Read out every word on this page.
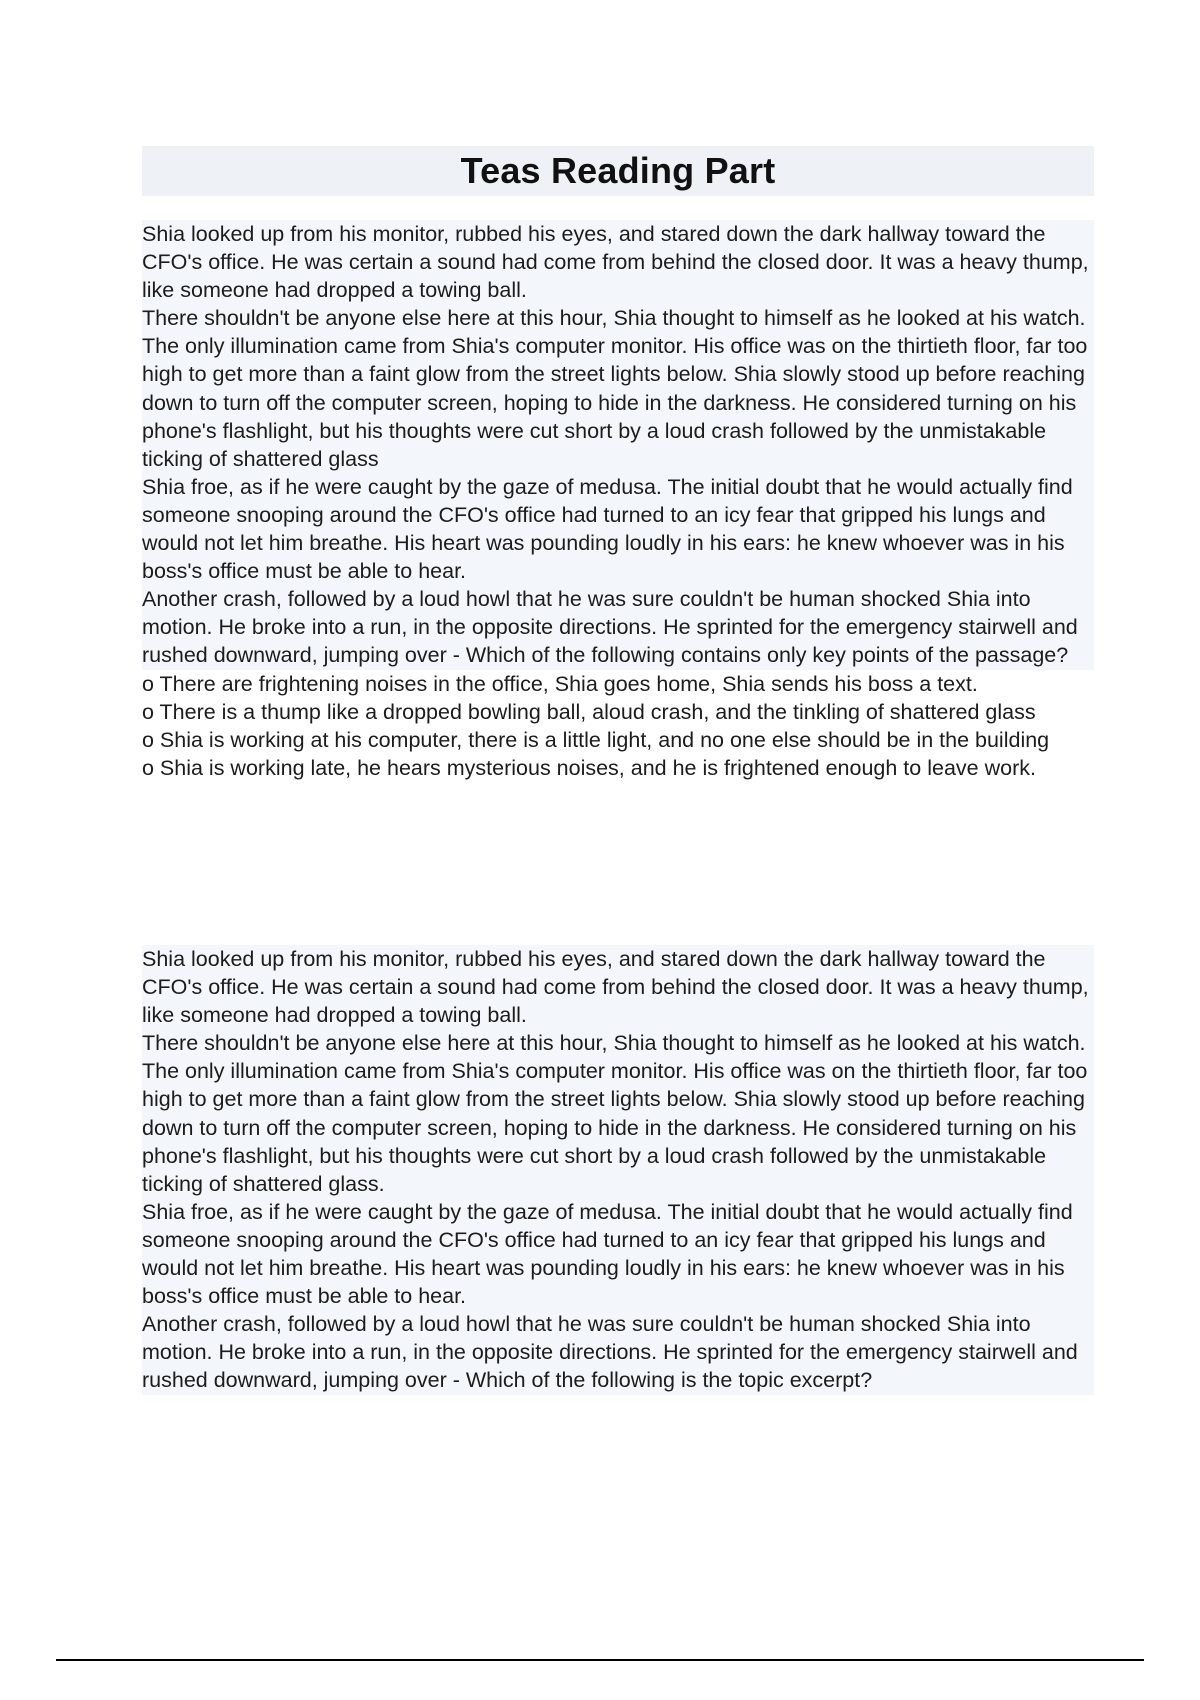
Teas Reading Part

Shia looked up from his monitor, rubbed his eyes, and stared down the dark hallway toward the CFO's office. He was certain a sound had come from behind the closed door. It was a heavy thump, like someone had dropped a towing ball.

There shouldn't be anyone else here at this hour, Shia thought to himself as he looked at his watch. The only illumination came from Shia's computer monitor. His office was on the thirtieth floor, far too high to get more than a faint glow from the street lights below. Shia slowly stood up before reaching down to turn off the computer screen, hoping to hide in the darkness. He considered turning on his phone's flashlight, but his thoughts were cut short by a loud crash followed by the unmistakable ticking of shattered glass

Shia froe, as if he were caught by the gaze of medusa. The initial doubt that he would actually find someone snooping around the CFO's office had turned to an icy fear that gripped his lungs and would not let him breathe. His heart was pounding loudly in his ears: he knew whoever was in his boss's office must be able to hear.

Another crash, followed by a loud howl that he was sure couldn't be human shocked Shia into motion. He broke into a run, in the opposite directions. He sprinted for the emergency stairwell and rushed downward, jumping over - Which of the following contains only key points of the passage?

o There are frightening noises in the office, Shia goes home, Shia sends his boss a text.

o There is a thump like a dropped bowling ball, aloud crash, and the tinkling of shattered glass

o Shia is working at his computer, there is a little light, and no one else should be in the building

o Shia is working late, he hears mysterious noises, and he is frightened enough to leave work.

Shia looked up from his monitor, rubbed his eyes, and stared down the dark hallway toward the CFO's office. He was certain a sound had come from behind the closed door. It was a heavy thump, like someone had dropped a towing ball.

There shouldn't be anyone else here at this hour, Shia thought to himself as he looked at his watch. The only illumination came from Shia's computer monitor. His office was on the thirtieth floor, far too high to get more than a faint glow from the street lights below. Shia slowly stood up before reaching down to turn off the computer screen, hoping to hide in the darkness. He considered turning on his phone's flashlight, but his thoughts were cut short by a loud crash followed by the unmistakable ticking of shattered glass.

Shia froe, as if he were caught by the gaze of medusa. The initial doubt that he would actually find someone snooping around the CFO's office had turned to an icy fear that gripped his lungs and would not let him breathe. His heart was pounding loudly in his ears: he knew whoever was in his boss's office must be able to hear.

Another crash, followed by a loud howl that he was sure couldn't be human shocked Shia into motion. He broke into a run, in the opposite directions. He sprinted for the emergency stairwell and rushed downward, jumping over - Which of the following is the topic excerpt?
